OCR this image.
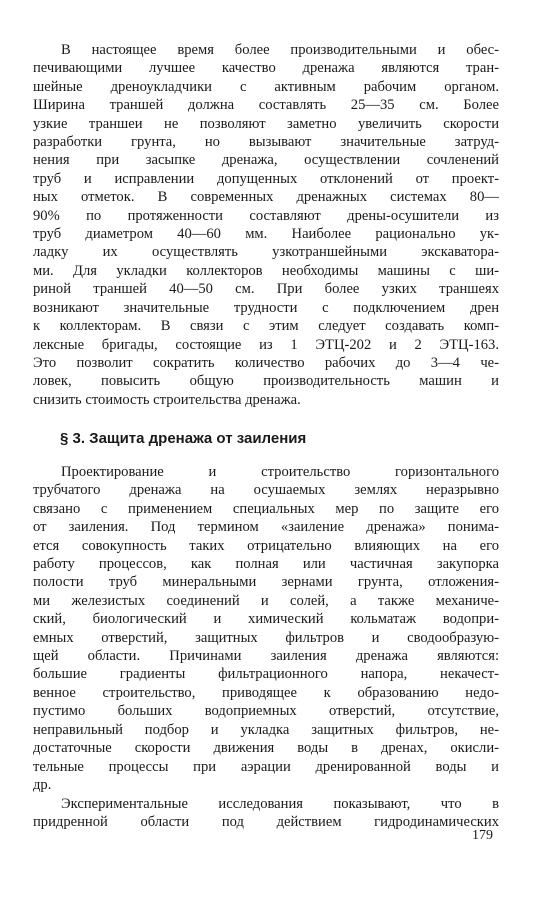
В настоящее время более производительными и обес-
печивающими лучшее качество дренажа являются тран-
шейные дреноукладчики с активным рабочим органом.
Ширина траншей должна составлять 25—35 см. Более
узкие траншеи не позволяют заметно увеличить скорости
разработки грунта, но вызывают значительные затруд-
нения при засыпке дренажа, осуществлении сочленений
труб и исправлении допущенных отклонений от проект-
ных отметок. В современных дренажных системах 80—
90% по протяженности составляют дрены-осушители из
труб диаметром 40—60 мм. Наиболее рационально ук-
ладку их осуществлять узкотраншейными экскаваторa-
ми. Для укладки коллекторов необходимы машины с ши-
риной траншей 40—50 см. При более узких траншеях
возникают значительные трудности с подключением дрен
к коллекторам. В связи с этим следует создавать комп-
лексные бригады, состоящие из 1 ЭТЦ-202 и 2 ЭТЦ-163.
Это позволит сократить количество рабочих до 3—4 че-
ловек, повысить общую производительность машин и
снизить стоимость строительства дренажа.
§ 3. Защита дренажа от заиления
Проектирование и строительство горизонтального
трубчатого дренажа на осушаемых землях неразрывно
связано с применением специальных мер по защите его
от заиления. Под термином «заиление дренажа» понима-
ется совокупность таких отрицательно влияющих на его
работу процессов, как полная или частичная закупорка
полости труб минеральными зернами грунта, отложения-
ми железистых соединений и солей, а также механиче-
ский, биологический и химический кольматаж водопри-
емных отверстий, защитных фильтров и сводообразую-
щей области. Причинами заиления дренажа являются:
большие градиенты фильтрационного напора, некачест-
венное строительство, приводящее к образованию недо-
пустимо больших водоприемных отверстий, отсутствие,
неправильный подбор и укладка защитных фильтров, не-
достаточные скорости движения воды в дренах, окисли-
тельные процессы при аэрации дренированной воды и
др.
Экспериментальные исследования показывают, что в
придренной области под действием гидродинамических
179
